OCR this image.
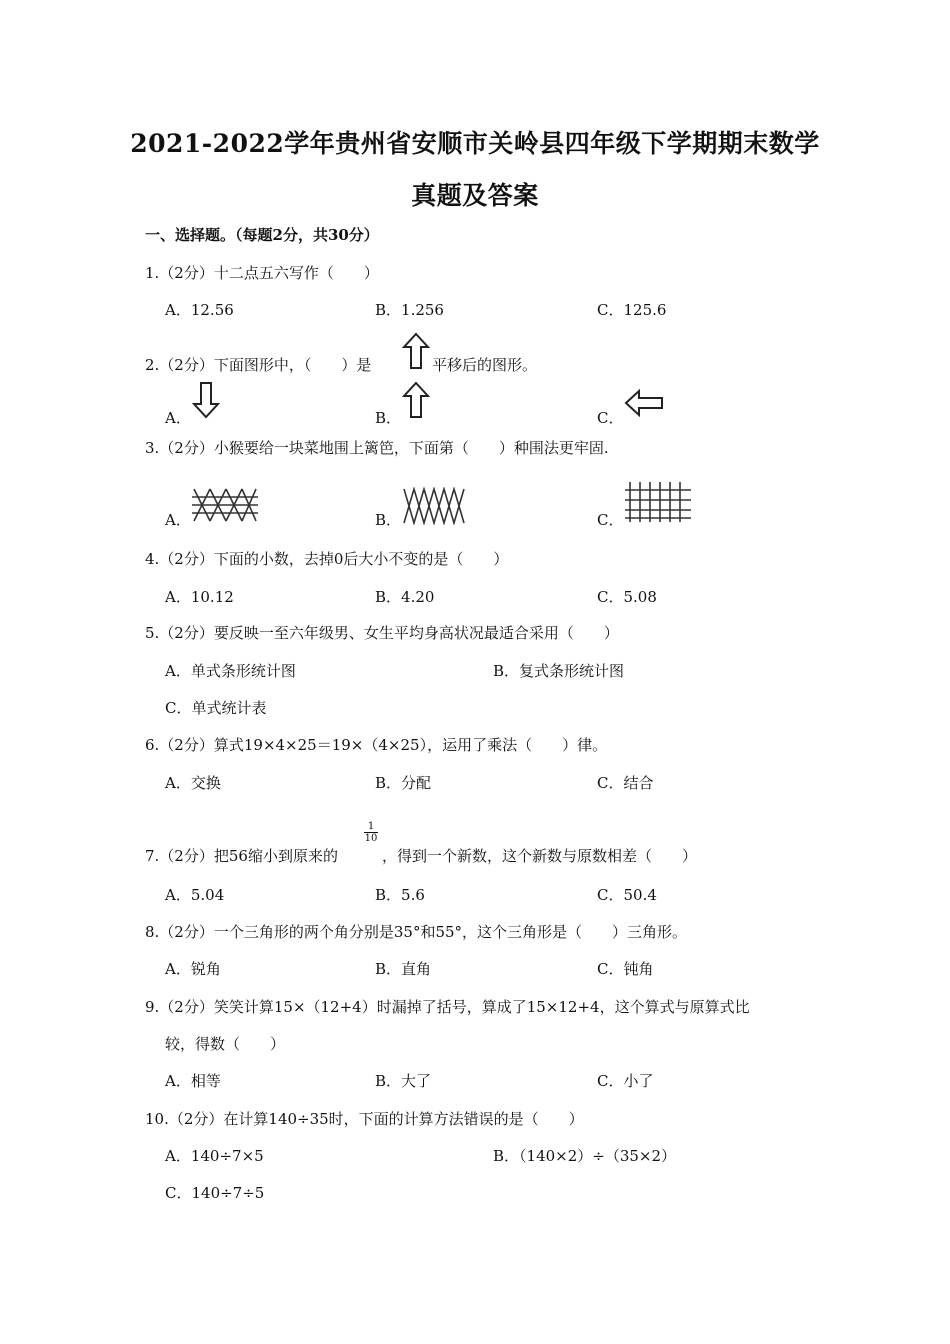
2021-2022学年贵州省安顺市关岭县四年级下学期期末数学
真题及答案
一、选择题。（每题2分，共30分）
1.（2分）十二点五六写作（　　）
A．12.56	B．1.256	C．125.6
2.（2分）下面图形中，（　　）是	平移后的图形。
A．	B．	C．
3.（2分）小猴要给一块菜地围上篱笆，下面第（　　）种围法更牢固.
A．	B．	C．
4.（2分）下面的小数，去掉0后大小不变的是（　　）
A．10.12	B．4.20	C．5.08
5.（2分）要反映一至六年级男、女生平均身高状况最适合采用（　　）
A．单式条形统计图	B．复式条形统计图
C．单式统计表
6.（2分）算式19×4×25＝19×（4×25），运用了乘法（　　）律。
A．交换	B．分配	C．结合
7.（2分）把56缩小到原来的
$\frac{1}{10}$
，得到一个新数，这个新数与原数相差（　　）
A．5.04	B．5.6	C．50.4
8.（2分）一个三角形的两个角分别是35°和55°，这个三角形是（　　）三角形。
A．锐角	B．直角	C．钝角
9.（2分）笑笑计算15×（12+4）时漏掉了括号，算成了15×12+4，这个算式与原算式比
较，得数（　　）
A．相等	B．大了	C．小了
10.（2分）在计算140÷35时，下面的计算方法错误的是（　　）
A．140÷7×5	B．（140×2）÷（35×2）
C．140÷7÷5
